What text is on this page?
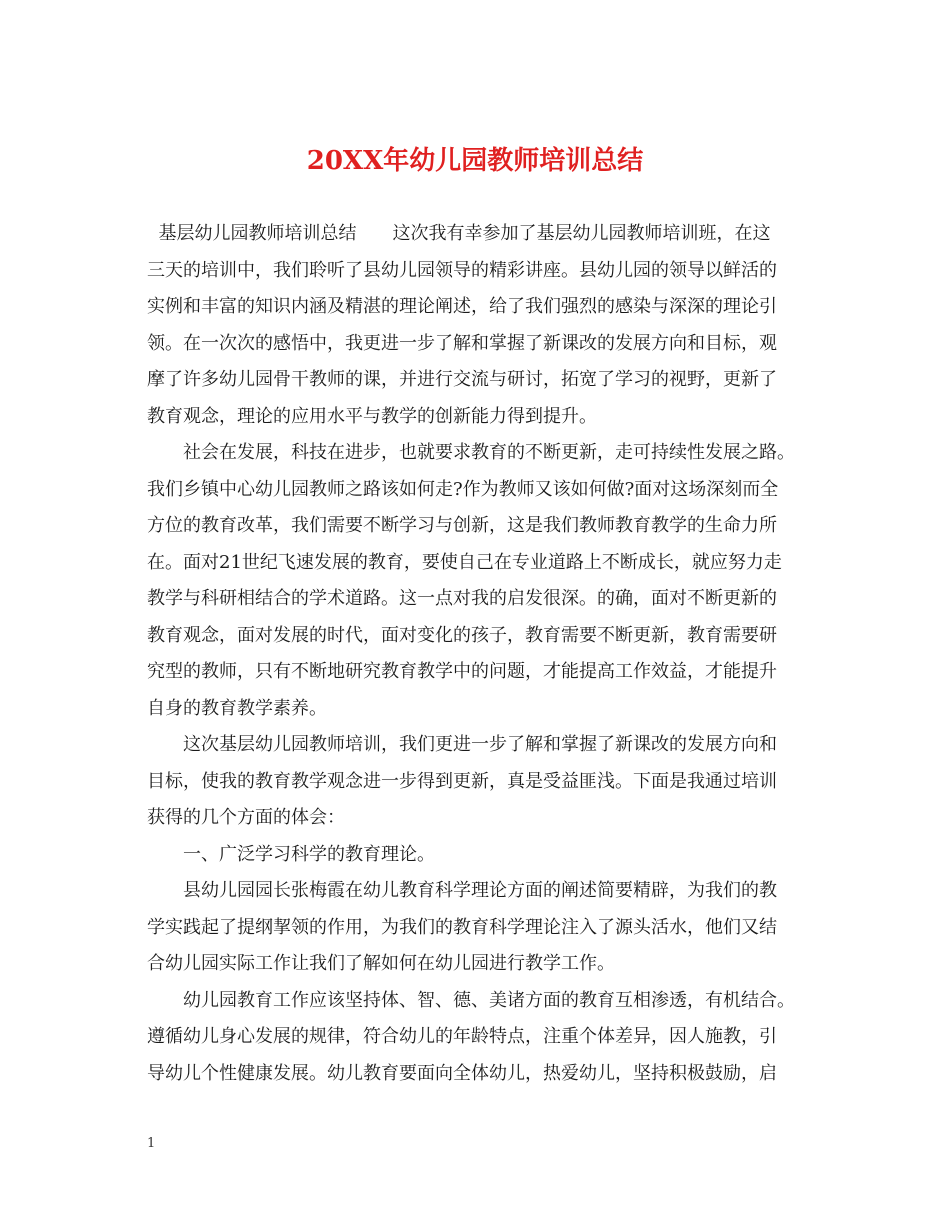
20XX年幼儿园教师培训总结
基层幼儿园教师培训总结　　这次我有幸参加了基层幼儿园教师培训班，在这
三天的培训中，我们聆听了县幼儿园领导的精彩讲座。县幼儿园的领导以鲜活的
实例和丰富的知识内涵及精湛的理论阐述，给了我们强烈的感染与深深的理论引
领。在一次次的感悟中，我更进一步了解和掌握了新课改的发展方向和目标，观
摩了许多幼儿园骨干教师的课，并进行交流与研讨，拓宽了学习的视野，更新了
教育观念，理论的应用水平与教学的创新能力得到提升。
　　社会在发展，科技在进步，也就要求教育的不断更新，走可持续性发展之路。
我们乡镇中心幼儿园教师之路该如何走?作为教师又该如何做?面对这场深刻而全
方位的教育改革，我们需要不断学习与创新，这是我们教师教育教学的生命力所
在。面对21世纪飞速发展的教育，要使自己在专业道路上不断成长，就应努力走
教学与科研相结合的学术道路。这一点对我的启发很深。的确，面对不断更新的
教育观念，面对发展的时代，面对变化的孩子，教育需要不断更新，教育需要研
究型的教师，只有不断地研究教育教学中的问题，才能提高工作效益，才能提升
自身的教育教学素养。
　　这次基层幼儿园教师培训，我们更进一步了解和掌握了新课改的发展方向和
目标，使我的教育教学观念进一步得到更新，真是受益匪浅。下面是我通过培训
获得的几个方面的体会：
　　一、广泛学习科学的教育理论。
　　县幼儿园园长张梅霞在幼儿教育科学理论方面的阐述简要精辟，为我们的教
学实践起了提纲挈领的作用，为我们的教育科学理论注入了源头活水，他们又结
合幼儿园实际工作让我们了解如何在幼儿园进行教学工作。
　　幼儿园教育工作应该坚持体、智、德、美诸方面的教育互相渗透，有机结合。
遵循幼儿身心发展的规律，符合幼儿的年龄特点，注重个体差异，因人施教，引
导幼儿个性健康发展。幼儿教育要面向全体幼儿，热爱幼儿，坚持积极鼓励，启
1
